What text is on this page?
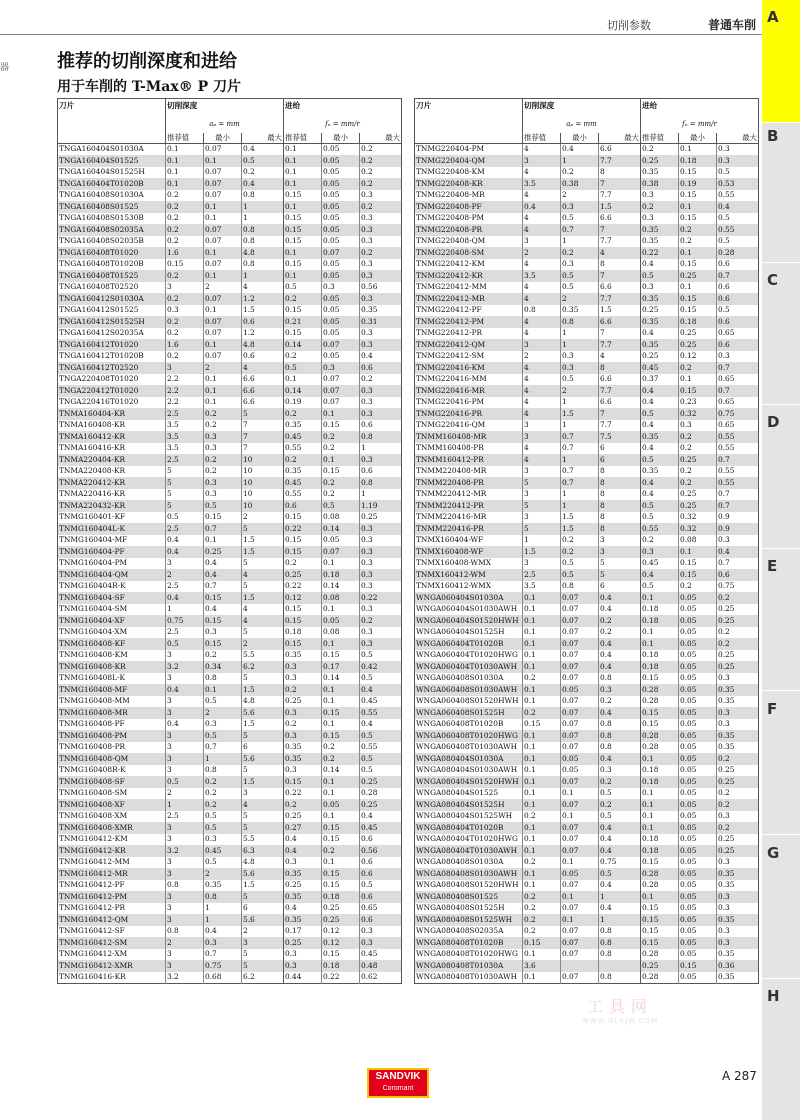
切削参数	普通车削
器	推荐的切削深度和进给
用于车削的 T-Max® P 刀片
刀片	切削深度			进给		
	aₚ = mm			fₙ = mm/r		
	推荐值	最小	最大	推荐值	最小	最大
TNGA160404S01030A	0.1	0.07	0.4	0.1	0.05	0.2
TNGA160404S01525	0.1	0.1	0.5	0.1	0.05	0.2
TNGA160404S01525H	0.1	0.07	0.2	0.1	0.05	0.2
TNGA160404T01020B	0.1	0.07	0.4	0.1	0.05	0.2
TNGA160408S01030A	0.2	0.07	0.8	0.15	0.05	0.3
TNGA160408S01525	0.2	0.1	1	0.1	0.05	0.2
TNGA160408S01530B	0.2	0.1	1	0.15	0.05	0.3
TNGA160408S02035A	0.2	0.07	0.8	0.15	0.05	0.3
TNGA160408S02035B	0.2	0.07	0.8	0.15	0.05	0.3
TNGA160408T01020	1.6	0.1	4.8	0.1	0.07	0.2
TNGA160408T01020B	0.15	0.07	0.8	0.15	0.05	0.3
TNGA160408T01525	0.2	0.1	1	0.1	0.05	0.3
TNGA160408T02520	3	2	4	0.5	0.3	0.56
TNGA160412S01030A	0.2	0.07	1.2	0.2	0.05	0.3
TNGA160412S01525	0.3	0.1	1.5	0.15	0.05	0.35
TNGA160412S01525H	0.2	0.07	0.6	0.21	0.05	0.31
TNGA160412S02035A	0.2	0.07	1.2	0.15	0.05	0.3
TNGA160412T01020	1.6	0.1	4.8	0.14	0.07	0.3
TNGA160412T01020B	0.2	0.07	0.6	0.2	0.05	0.4
TNGA160412T02520	3	2	4	0.5	0.3	0.6
TNGA220408T01020	2.2	0.1	6.6	0.1	0.07	0.2
TNGA220412T01020	2.2	0.1	6.6	0.14	0.07	0.3
TNGA220416T01020	2.2	0.1	6.6	0.19	0.07	0.3
TNMA160404-KR	2.5	0.2	5	0.2	0.1	0.3
TNMA160408-KR	3.5	0.2	7	0.35	0.15	0.6
TNMA160412-KR	3.5	0.3	7	0.45	0.2	0.8
TNMA160416-KR	3.5	0.3	7	0.55	0.2	1
TNMA220404-KR	2.5	0.2	10	0.2	0.1	0.3
TNMA220408-KR	5	0.2	10	0.35	0.15	0.6
TNMA220412-KR	5	0.3	10	0.45	0.2	0.8
TNMA220416-KR	5	0.3	10	0.55	0.2	1
TNMA220432-KR	5	0.5	10	0.6	0.5	1.19
TNMG160401-KF	0.5	0.15	2	0.15	0.08	0.25
TNMG160404L-K	2.5	0.7	5	0.22	0.14	0.3
TNMG160404-MF	0.4	0.1	1.5	0.15	0.05	0.3
TNMG160404-PF	0.4	0.25	1.5	0.15	0.07	0.3
TNMG160404-PM	3	0.4	5	0.2	0.1	0.3
TNMG160404-QM	2	0.4	4	0.25	0.18	0.3
TNMG160404R-K	2.5	0.7	5	0.22	0.14	0.3
TNMG160404-SF	0.4	0.15	1.5	0.12	0.08	0.22
TNMG160404-SM	1	0.4	4	0.15	0.1	0.3
TNMG160404-XF	0.75	0.15	4	0.15	0.05	0.2
TNMG160404-XM	2.5	0.3	5	0.18	0.08	0.3
TNMG160408-KF	0.5	0.15	2	0.15	0.1	0.3
TNMG160408-KM	3	0.2	5.5	0.35	0.15	0.5
TNMG160408-KR	3.2	0.34	6.2	0.3	0.17	0.42
TNMG160408L-K	3	0.8	5	0.3	0.14	0.5
TNMG160408-MF	0.4	0.1	1.5	0.2	0.1	0.4
TNMG160408-MM	3	0.5	4.8	0.25	0.1	0.45
TNMG160408-MR	3	2	5.6	0.3	0.15	0.55
TNMG160408-PF	0.4	0.3	1.5	0.2	0.1	0.4
TNMG160408-PM	3	0.5	5	0.3	0.15	0.5
TNMG160408-PR	3	0.7	6	0.35	0.2	0.55
TNMG160408-QM	3	1	5.6	0.35	0.2	0.5
TNMG160408R-K	3	0.8	5	0.3	0.14	0.5
TNMG160408-SF	0.5	0.2	1.5	0.15	0.1	0.25
TNMG160408-SM	2	0.2	3	0.22	0.1	0.28
TNMG160408-XF	1	0.2	4	0.2	0.05	0.25
TNMG160408-XM	2.5	0.5	5	0.25	0.1	0.4
TNMG160408-XMR	3	0.5	5	0.27	0.15	0.45
TNMG160412-KM	3	0.3	5.5	0.4	0.15	0.6
TNMG160412-KR	3.2	0.45	6.3	0.4	0.2	0.56
TNMG160412-MM	3	0.5	4.8	0.3	0.1	0.6
TNMG160412-MR	3	2	5.6	0.35	0.15	0.6
TNMG160412-PF	0.8	0.35	1.5	0.25	0.15	0.5
TNMG160412-PM	3	0.8	5	0.35	0.18	0.6
TNMG160412-PR	3	1	6	0.4	0.25	0.65
TNMG160412-QM	3	1	5.6	0.35	0.25	0.6
TNMG160412-SF	0.8	0.4	2	0.17	0.12	0.3
TNMG160412-SM	2	0.3	3	0.25	0.12	0.3
TNMG160412-XM	3	0.7	5	0.3	0.15	0.45
TNMG160412-XMR	3	0.75	5	0.3	0.18	0.48
TNMG160416-KR	3.2	0.68	6.2	0.44	0.22	0.62
刀片	切削深度			进给		
	aₚ = mm			fₙ = mm/r		
	推荐值	最小	最大	推荐值	最小	最大
TNMG220404-PM	4	0.4	6.6	0.2	0.1	0.3
TNMG220404-QM	3	1	7.7	0.25	0.18	0.3
TNMG220408-KM	4	0.2	8	0.35	0.15	0.5
TNMG220408-KR	3.5	0.38	7	0.38	0.19	0.53
TNMG220408-MR	4	2	7.7	0.3	0.15	0.55
TNMG220408-PF	0.4	0.3	1.5	0.2	0.1	0.4
TNMG220408-PM	4	0.5	6.6	0.3	0.15	0.5
TNMG220408-PR	4	0.7	7	0.35	0.2	0.55
TNMG220408-QM	3	1	7.7	0.35	0.2	0.5
TNMG220408-SM	2	0.2	4	0.22	0.1	0.28
TNMG220412-KM	4	0.3	8	0.4	0.15	0.6
TNMG220412-KR	3.5	0.5	7	0.5	0.25	0.7
TNMG220412-MM	4	0.5	6.6	0.3	0.1	0.6
TNMG220412-MR	4	2	7.7	0.35	0.15	0.6
TNMG220412-PF	0.8	0.35	1.5	0.25	0.15	0.5
TNMG220412-PM	4	0.8	6.6	0.35	0.18	0.6
TNMG220412-PR	4	1	7	0.4	0.25	0.65
TNMG220412-QM	3	1	7.7	0.35	0.25	0.6
TNMG220412-SM	2	0.3	4	0.25	0.12	0.3
TNMG220416-KM	4	0.3	8	0.45	0.2	0.7
TNMG220416-MM	4	0.5	6.6	0.37	0.1	0.65
TNMG220416-MR	4	2	7.7	0.4	0.15	0.7
TNMG220416-PM	4	1	6.6	0.4	0.23	0.65
TNMG220416-PR	4	1.5	7	0.5	0.32	0.75
TNMG220416-QM	3	1	7.7	0.4	0.3	0.65
TNMM160408-MR	3	0.7	7.5	0.35	0.2	0.55
TNMM160408-PR	4	0.7	6	0.4	0.2	0.55
TNMM160412-PR	4	1	6	0.5	0.25	0.7
TNMM220408-MR	3	0.7	8	0.35	0.2	0.55
TNMM220408-PR	5	0.7	8	0.4	0.2	0.55
TNMM220412-MR	3	1	8	0.4	0.25	0.7
TNMM220412-PR	5	1	8	0.5	0.25	0.7
TNMM220416-MR	3	1.5	8	0.5	0.32	0.9
TNMM220416-PR	5	1.5	8	0.55	0.32	0.9
TNMX160404-WF	1	0.2	3	0.2	0.08	0.3
TNMX160408-WF	1.5	0.2	3	0.3	0.1	0.4
TNMX160408-WMX	3	0.5	5	0.45	0.15	0.7
TNMX160412-WM	2.5	0.5	5	0.4	0.15	0.6
TNMX160412-WMX	3.5	0.8	6	0.5	0.2	0.75
WNGA060404S01030A	0.1	0.07	0.4	0.1	0.05	0.2
WNGA060404S01030AWH	0.1	0.07	0.4	0.18	0.05	0.25
WNGA060404S01520HWH	0.1	0.07	0.2	0.18	0.05	0.25
WNGA060404S01525H	0.1	0.07	0.2	0.1	0.05	0.2
WNGA060404T01020B	0.1	0.07	0.4	0.1	0.05	0.2
WNGA060404T01020HWG	0.1	0.07	0.4	0.18	0.05	0.25
WNGA060404T01030AWH	0.1	0.07	0.4	0.18	0.05	0.25
WNGA060408S01030A	0.2	0.07	0.8	0.15	0.05	0.3
WNGA060408S01030AWH	0.1	0.05	0.3	0.28	0.05	0.35
WNGA060408S01520HWH	0.1	0.07	0.2	0.28	0.05	0.35
WNGA060408S01525H	0.2	0.07	0.4	0.15	0.05	0.3
WNGA060408T01020B	0.15	0.07	0.8	0.15	0.05	0.3
WNGA060408T01020HWG	0.1	0.07	0.8	0.28	0.05	0.35
WNGA060408T01030AWH	0.1	0.07	0.8	0.28	0.05	0.35
WNGA080404S01030A	0.1	0.05	0.4	0.1	0.05	0.2
WNGA080404S01030AWH	0.1	0.05	0.3	0.18	0.05	0.25
WNGA080404S01520HWH	0.1	0.07	0.2	0.18	0.05	0.25
WNGA080404S01525	0.1	0.1	0.5	0.1	0.05	0.2
WNGA080404S01525H	0.1	0.07	0.2	0.1	0.05	0.2
WNGA080404S01525WH	0.2	0.1	0.5	0.1	0.05	0.3
WNGA080404T01020B	0.1	0.07	0.4	0.1	0.05	0.2
WNGA080404T01020HWG	0.1	0.07	0.4	0.18	0.05	0.25
WNGA080404T01030AWH	0.1	0.07	0.4	0.18	0.05	0.25
WNGA080408S01030A	0.2	0.1	0.75	0.15	0.05	0.3
WNGA080408S01030AWH	0.1	0.05	0.5	0.28	0.05	0.35
WNGA080408S01520HWH	0.1	0.07	0.4	0.28	0.05	0.35
WNGA080408S01525	0.2	0.1	1	0.1	0.05	0.3
WNGA080408S01525H	0.2	0.07	0.4	0.15	0.05	0.3
WNGA080408S01525WH	0.2	0.1	1	0.15	0.05	0.35
WNGA080408S02035A	0.2	0.07	0.8	0.15	0.05	0.3
WNGA080408T01020B	0.15	0.07	0.8	0.15	0.05	0.3
WNGA080408T01020HWG	0.1	0.07	0.8	0.28	0.05	0.35
WNGA080408T01030A	3.6			0.25	0.15	0.36
WNGA080408T01030AWH	0.1	0.07	0.8	0.28	0.05	0.35
A
B
C
D
E
F
G
H
工具网
WWW.GLRJW.COM
SANDVIK
Coromant
A 287
